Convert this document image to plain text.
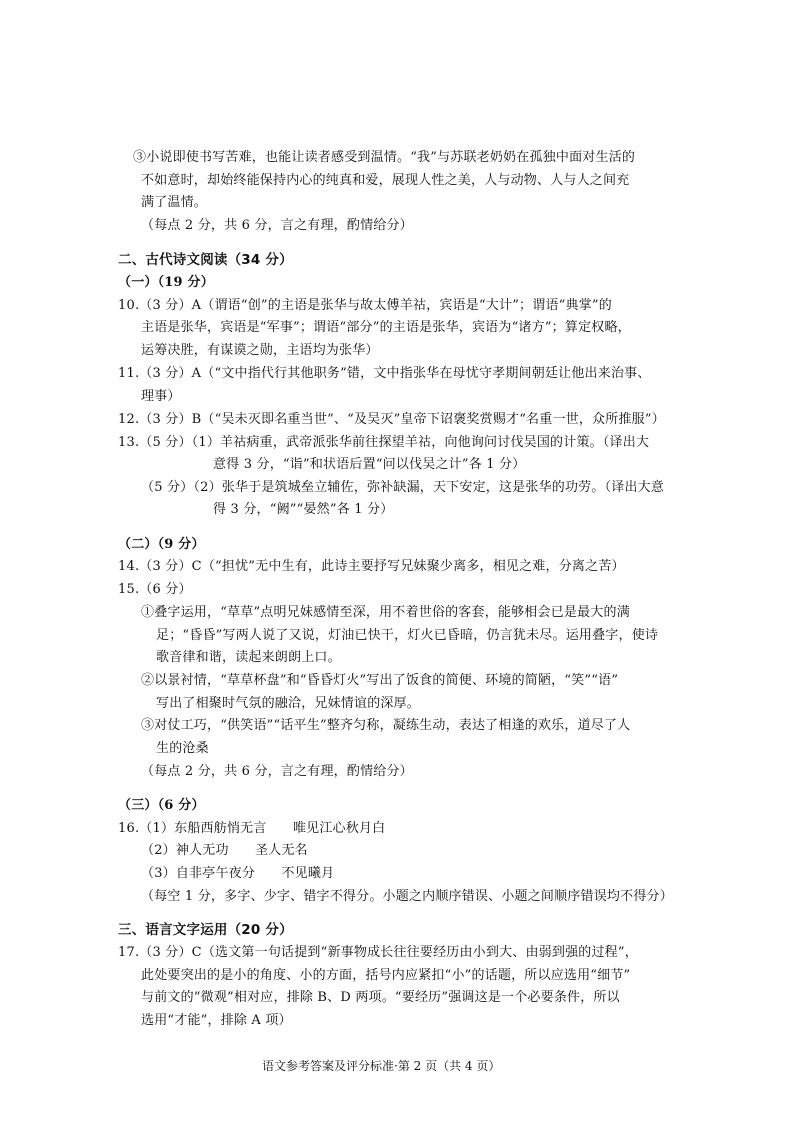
③小说即使书写苦难，也能让读者感受到温情。“我”与苏联老奶奶在孤独中面对生活的
不如意时，却始终能保持内心的纯真和爱，展现人性之美，人与动物、人与人之间充
满了温情。
（每点 2 分，共 6 分，言之有理，酌情给分）
二、古代诗文阅读（34 分）
（一）（19 分）
10.（3 分）A（谓语“创”的主语是张华与故太傅羊祜，宾语是“大计”；谓语“典掌”的
主语是张华，宾语是“军事”；谓语“部分”的主语是张华，宾语为“诸方”；算定权略，
运筹决胜，有谋谟之勋，主语均为张华）
11.（3 分）A（“文中指代行其他职务”错，文中指张华在母忧守孝期间朝廷让他出来治事、
理事）
12.（3 分）B（“吴未灭即名重当世”、“及吴灭”皇帝下诏褒奖赏赐才“名重一世，众所推服”）
13.（5 分）（1）羊祜病重，武帝派张华前往探望羊祜，向他询问讨伐吴国的计策。（译出大
意得 3 分，“诣”和状语后置“问以伐吴之计”各 1 分）
（5 分）（2）张华于是筑城垒立辅佐，弥补缺漏，天下安定，这是张华的功劳。（译出大意
得 3 分，“阙”“晏然”各 1 分）
（二）（9 分）
14.（3 分）C（“担忧”无中生有，此诗主要抒写兄妹聚少离多，相见之难，分离之苦）
15.（6 分）
①叠字运用，“草草”点明兄妹感情至深，用不着世俗的客套，能够相会已是最大的满
足；“昏昏”写两人说了又说，灯油已快干，灯火已昏暗，仍言犹未尽。运用叠字，使诗
歌音律和谐，读起来朗朗上口。
②以景衬情，“草草杯盘”和“昏昏灯火”写出了饭食的简便、环境的简陋，“笑”“语”
写出了相聚时气氛的融洽，兄妹情谊的深厚。
③对仗工巧，“供笑语”“话平生”整齐匀称，凝练生动，表达了相逢的欢乐，道尽了人
生的沧桑
（每点 2 分，共 6 分，言之有理，酌情给分）
（三）（6 分）
16.（1）东船西舫悄无言　　唯见江心秋月白
（2）神人无功　　圣人无名
（3）自非亭午夜分　　不见曦月
（每空 1 分，多字、少字、错字不得分。小题之内顺序错误、小题之间顺序错误均不得分）
三、语言文字运用（20 分）
17.（3 分）C（选文第一句话提到“新事物成长往往要经历由小到大、由弱到强的过程”，
此处要突出的是小的角度、小的方面，括号内应紧扣“小”的话题，所以应选用“细节”
与前文的“微观”相对应，排除 B、D 两项。“要经历”强调这是一个必要条件，所以
选用“才能”，排除 A 项）
语文参考答案及评分标准·第 2 页（共 4 页）
